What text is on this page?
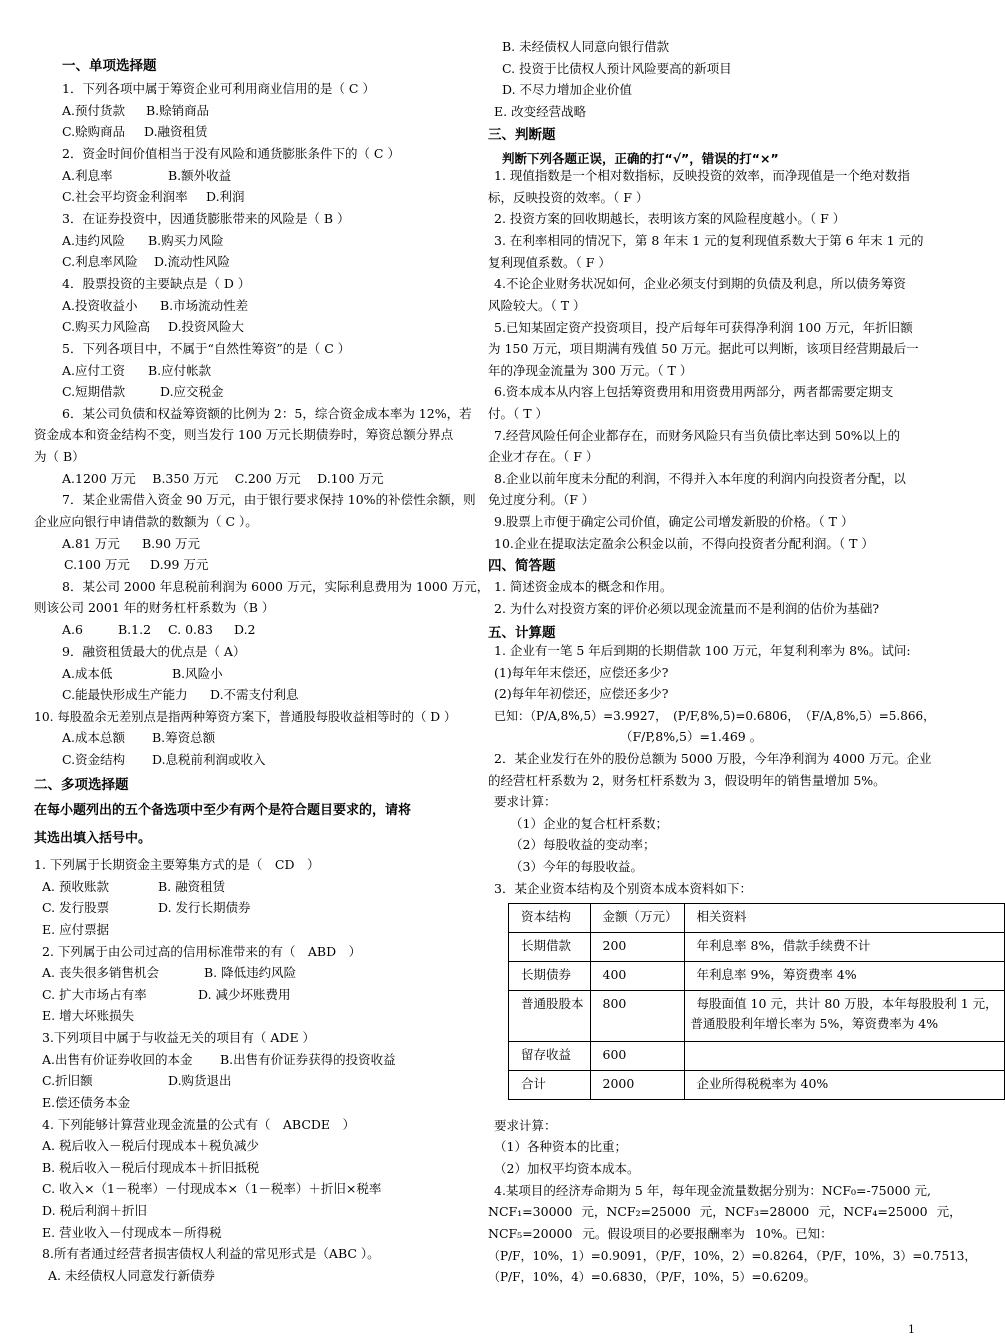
一、单项选择题
1．下列各项中属于筹资企业可利用商业信用的是（ C ）
A.预付货款 B.赊销商品
C.赊购商品 D.融资租赁
2．资金时间价值相当于没有风险和通货膨胀条件下的（ C ）
A.利息率	B.额外收益
C.社会平均资金利润率 D.利润
3．在证券投资中，因通货膨胀带来的风险是（ B ）
A.违约风险 B.购买力风险
C.利息率风险 D.流动性风险
4．股票投资的主要缺点是（ D ）
A.投资收益小 B.市场流动性差
C.购买力风险高 D.投资风险大
5．下列各项目中，不属于“自然性筹资”的是（ C ）
A.应付工资 B.应付帐款
C.短期借款	D.应交税金
6．某公司负债和权益筹资额的比例为 2：5，综合资金成本率为 12%，若
资金成本和资金结构不变，则当发行 100 万元长期债券时，筹资总额分界点
为（ B）
A.1200 万元　 B.350 万元　 C.200 万元　 D.100 万元
7．某企业需借入资金 90 万元，由于银行要求保持 10%的补偿性余额，则
企业应向银行申请借款的数额为（ C ）。
A.81 万元 B.90 万元
C.100 万元 D.99 万元
8．某公司 2000 年息税前利润为 6000 万元，实际利息费用为 1000 万元，
则该公司 2001 年的财务杠杆系数为（B ）
A.6	B.1.2 C. 0.83 D.2
9．融资租赁最大的优点是（ A）
A.成本低	B.风险小
C.能最快形成生产能力 D.不需支付利息
10. 每股盈余无差别点是指两种筹资方案下，普通股每股收益相等时的（ D ）
A.成本总额 B.筹资总额
C.资金结构 D.息税前利润或收入
二、多项选择题
在每小题列出的五个备选项中至少有两个是符合题目要求的，请将
其选出填入括号中。
1. 下列属于长期资金主要筹集方式的是（　CD　）
A. 预收账款	B. 融资租赁
C. 发行股票	D. 发行长期债券
E. 应付票据
2. 下列属于由公司过高的信用标准带来的有（　ABD　）
A. 丧失很多销售机会	B. 降低违约风险
C. 扩大市场占有率	D. 减少坏账费用
E. 增大坏账损失
3.下列项目中属于与收益无关的项目有（ ADE ）
A.出售有价证券收回的本金 B.出售有价证券获得的投资收益
C.折旧额	D.购货退出
E.偿还债务本金
4. 下列能够计算营业现金流量的公式有（　ABCDE　）
A. 税后收入－税后付现成本＋税负减少
B. 税后收入－税后付现成本＋折旧抵税
C. 收入×（1－税率）－付现成本×（1－税率）＋折旧×税率
D. 税后利润＋折旧
E. 营业收入－付现成本－所得税
8.所有者通过经营者损害债权人利益的常见形式是（ABC ）。
A. 未经债权人同意发行新债券
B. 未经债权人同意向银行借款
C. 投资于比债权人预计风险要高的新项目
D. 不尽力增加企业价值
E. 改变经营战略
三、判断题
判断下列各题正误，正确的打“√”，错误的打“×”
1. 现值指数是一个相对数指标，反映投资的效率，而净现值是一个绝对数指
标，反映投资的效率。（ F ）
2. 投资方案的回收期越长，表明该方案的风险程度越小。（ F ）
3. 在利率相同的情况下，第 8 年末 1 元的复利现值系数大于第 6 年末 1 元的
复利现值系数。（ F ）
4.不论企业财务状况如何，企业必须支付到期的负债及利息，所以债务筹资
风险较大。（ T ）
5.已知某固定资产投资项目，投产后每年可获得净利润 100 万元，年折旧额
为 150 万元，项目期满有残值 50 万元。据此可以判断，该项目经营期最后一
年的净现金流量为 300 万元。（ T ）
6.资本成本从内容上包括筹资费用和用资费用两部分，两者都需要定期支
付。（ T ）
7.经营风险任何企业都存在，而财务风险只有当负债比率达到 50%以上的
企业才存在。（ F ）
8.企业以前年度未分配的利润，不得并入本年度的利润内向投资者分配，以
免过度分利。（F ）
9.股票上市便于确定公司价值，确定公司增发新股的价格。（ T ）
10.企业在提取法定盈余公积金以前，不得向投资者分配利润。（ T ）
四、简答题
1. 简述资金成本的概念和作用。
2. 为什么对投资方案的评价必须以现金流量而不是利润的估价为基础?
五、计算题
1. 企业有一笔 5 年后到期的长期借款 100 万元，年复利利率为 8%。试问:
(1)每年年末偿还，应偿还多少?
(2)每年年初偿还，应偿还多少?
已知：（P/A,8%,5）=3.9927，　(P/F,8%,5)=0.6806，　（F/A,8%,5）=5.866，
（F/P,8%,5）=1.469 。
2．某企业发行在外的股份总额为 5000 万股，今年净利润为 4000 万元。企业
的经营杠杆系数为 2，财务杠杆系数为 3，假设明年的销售量增加 5%。
要求计算：
（1）企业的复合杠杆系数；
（2）每股收益的变动率；
（3）今年的每股收益。
3．某企业资本结构及个别资本成本资料如下：
要求计算：
（1）各种资本的比重；
（2）加权平均资本成本。
4.某项目的经济寿命期为 5 年，每年现金流量数据分别为：NCF₀=-75000 元,
NCF₁=30000 元，NCF₂=25000 元，NCF₃=28000 元，NCF₄=25000 元，
NCF₅=20000 元。假设项目的必要报酬率为 10%。已知：
（P/F，10%，1）=0.9091，（P/F，10%，2）=0.8264，（P/F，10%，3）=0.7513，
（P/F，10%，4）=0.6830，（P/F，10%，5）=0.6209。
资本结构	金额（万元）	相关资料
长期借款	200	年利息率 8%，借款手续费不计
长期债券	400	年利息率 9%，筹资费率 4%
普通股股本	800	每股面值 10 元，共计 80 万股，本年每股股利 1 元，
普通股股利年增长率为 5%，筹资费率为 4%

留存收益	600	
合计	2000	企业所得税税率为 40%
1
